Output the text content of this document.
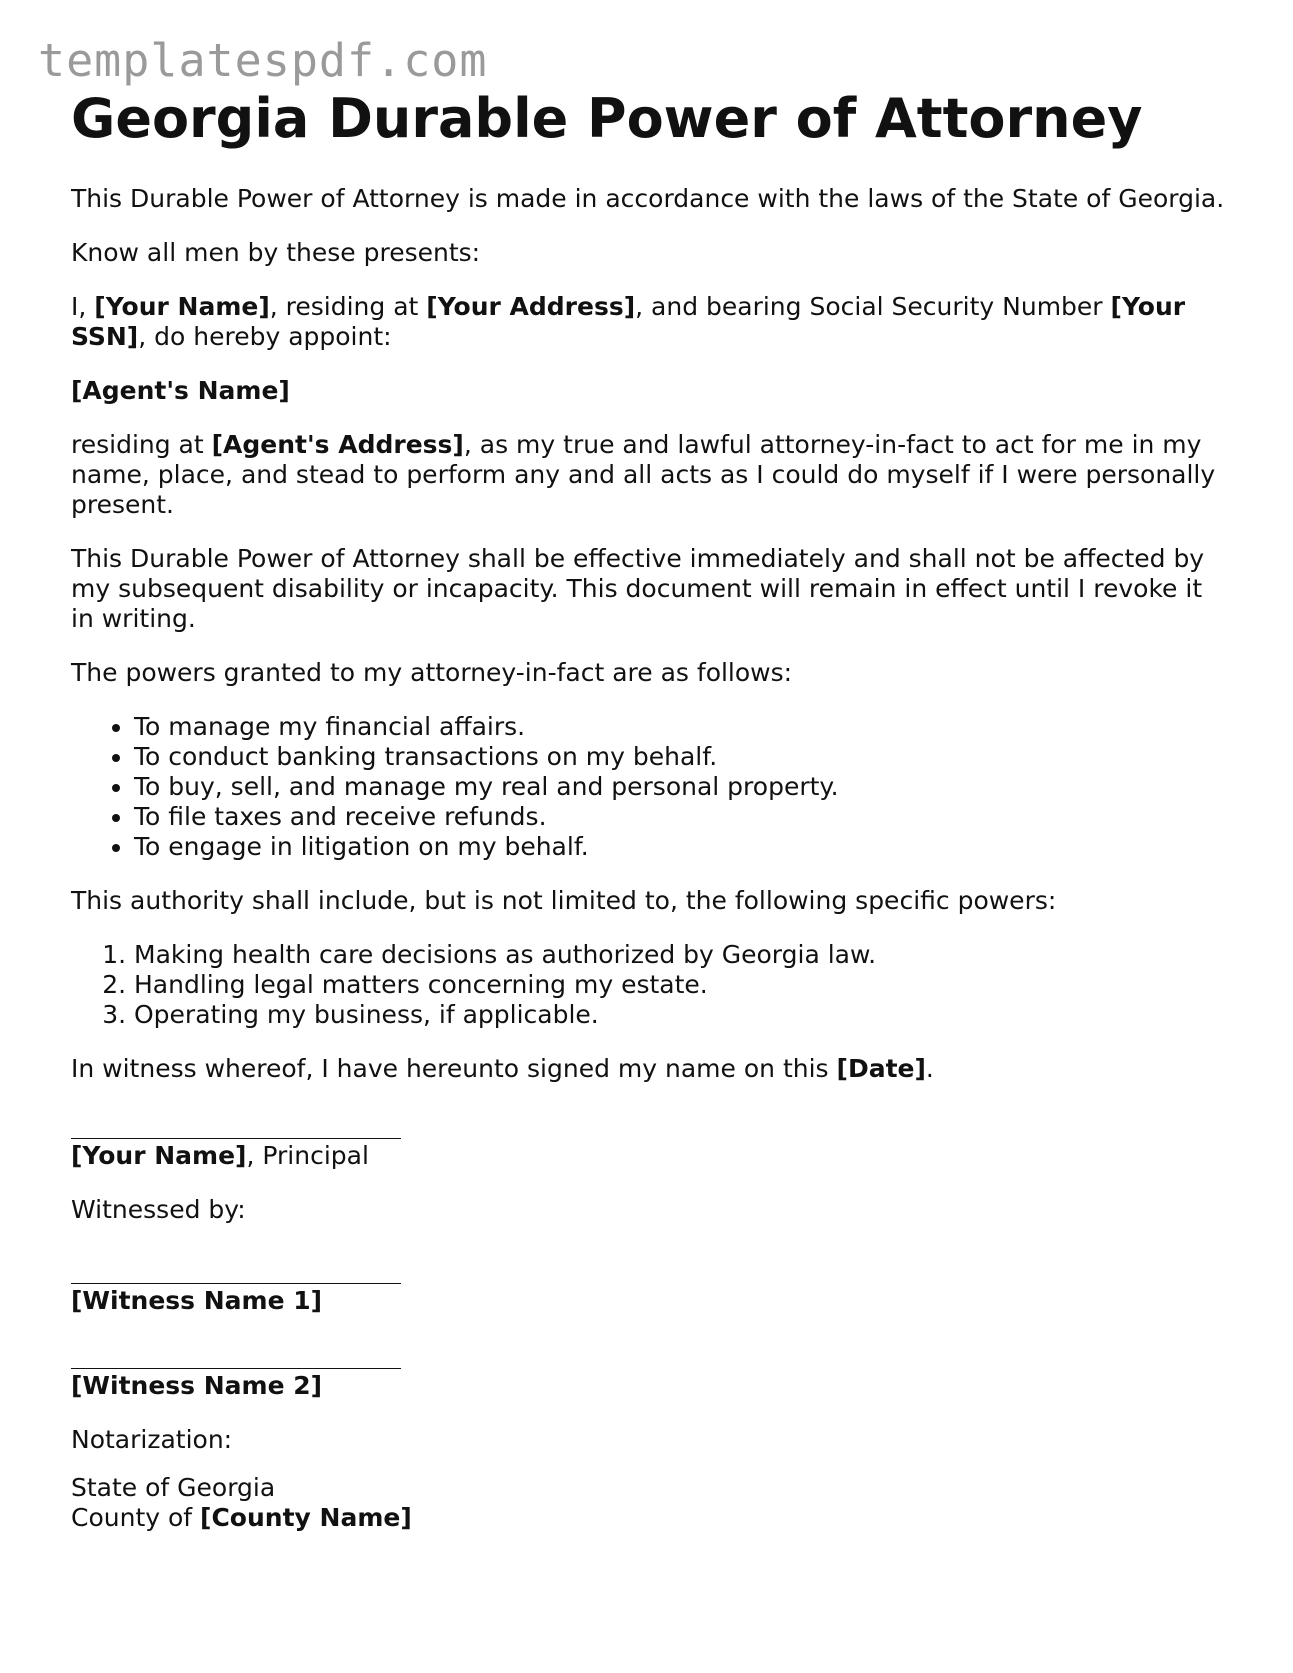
templatespdf.com
Georgia Durable Power of Attorney

This Durable Power of Attorney is made in accordance with the laws of the State of Georgia.

Know all men by these presents:

I, [Your Name], residing at [Your Address], and bearing Social Security Number [Your SSN], do hereby appoint:

[Agent's Name]

residing at [Agent's Address], as my true and lawful attorney-in-fact to act for me in my name, place, and stead to perform any and all acts as I could do myself if I were personally present.

This Durable Power of Attorney shall be effective immediately and shall not be affected by my subsequent disability or incapacity. This document will remain in effect until I revoke it in writing.

The powers granted to my attorney-in-fact are as follows:

• To manage my financial affairs.
• To conduct banking transactions on my behalf.
• To buy, sell, and manage my real and personal property.
• To file taxes and receive refunds.
• To engage in litigation on my behalf.

This authority shall include, but is not limited to, the following specific powers:

1. Making health care decisions as authorized by Georgia law.
2. Handling legal matters concerning my estate.
3. Operating my business, if applicable.

In witness whereof, I have hereunto signed my name on this [Date].

[Your Name], Principal

Witnessed by:

[Witness Name 1]

[Witness Name 2]

Notarization:

State of Georgia

County of [County Name]
